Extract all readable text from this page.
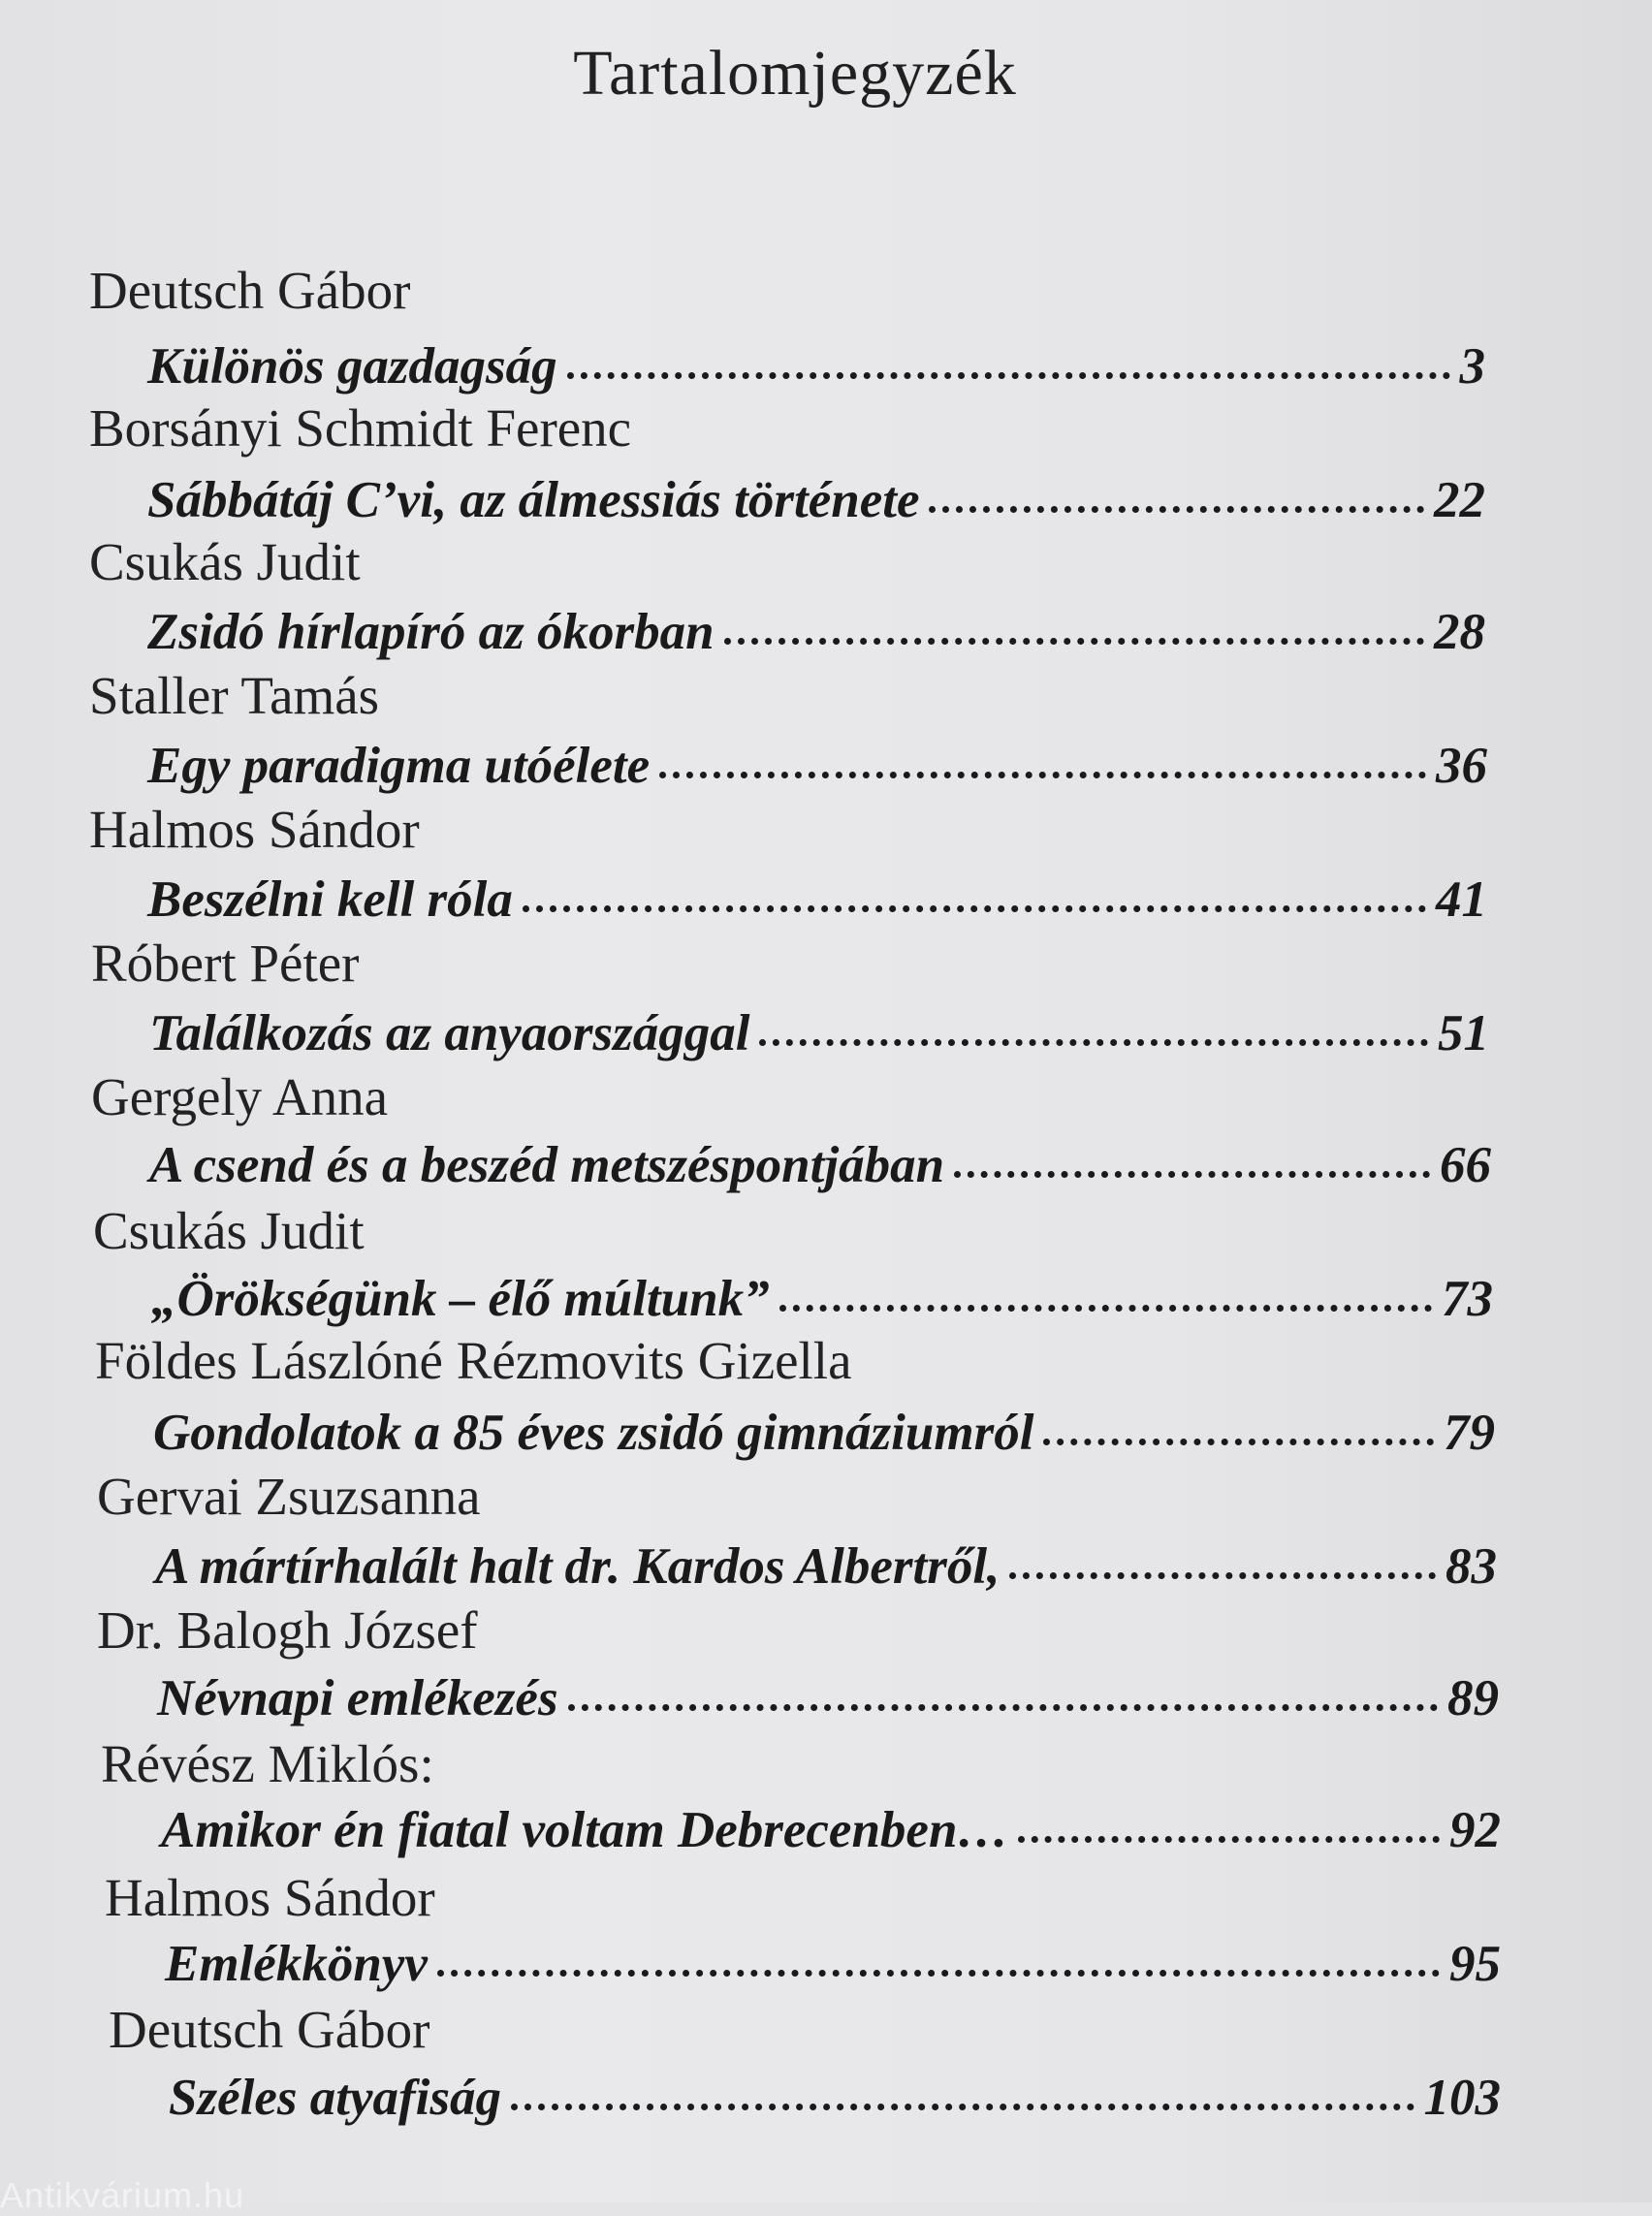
Tartalomjegyzék
Deutsch Gábor
Különös gazdagság	3
Borsányi Schmidt Ferenc
Sábbátáj C’vi, az álmessiás története	22
Csukás Judit
Zsidó hírlapíró az ókorban	28
Staller Tamás
Egy paradigma utóélete	36
Halmos Sándor
Beszélni kell róla	41
Róbert Péter
Találkozás az anyaországgal	51
Gergely Anna
A csend és a beszéd metszéspontjában	66
Csukás Judit
„Örökségünk – élő múltunk”	73
Földes Lászlóné Rézmovits Gizella
Gondolatok a 85 éves zsidó gimnáziumról	79
Gervai Zsuzsanna
A mártírhalált halt dr. Kardos Albertről,	83
Dr. Balogh József
Névnapi emlékezés	89
Révész Miklós:
Amikor én fiatal voltam Debrecenben…	92
Halmos Sándor
Emlékkönyv	95
Deutsch Gábor
Széles atyafiság	103
Antikvárium.hu
